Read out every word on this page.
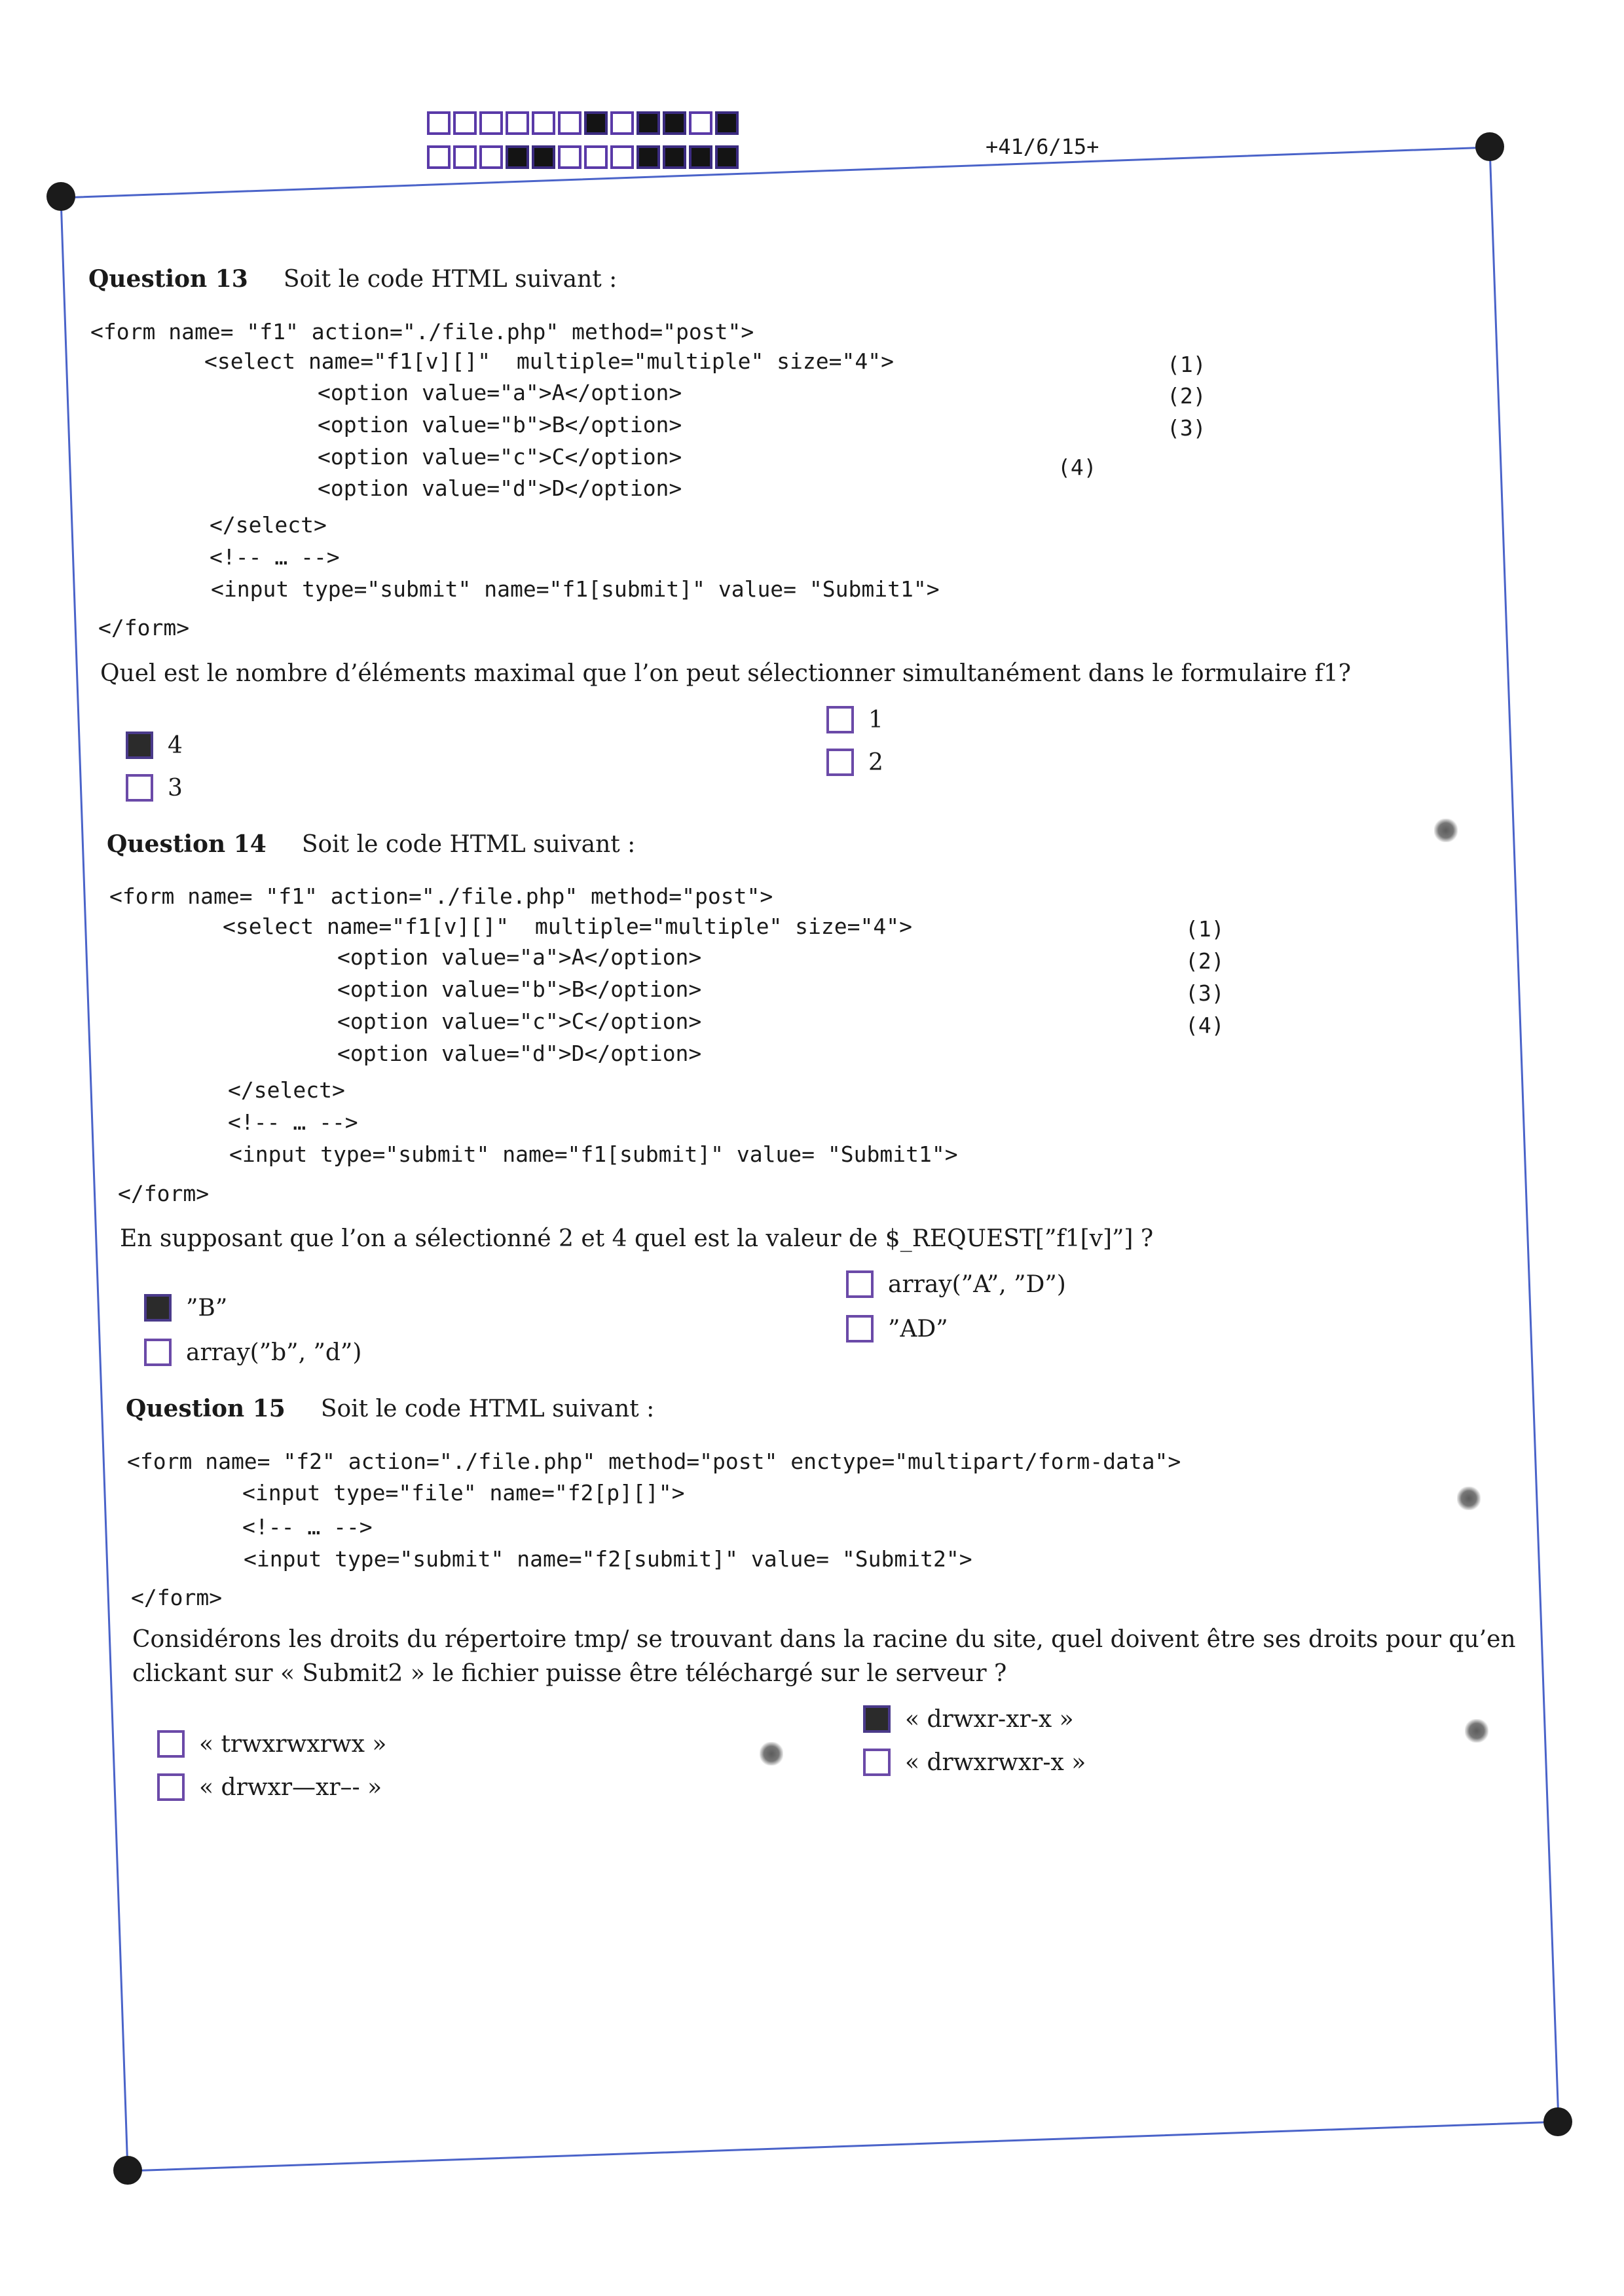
+41/6/15+
Question 13 Soit le code HTML suivant :
<form name= "f1" action="./file.php" method="post">
<select name="f1[v][]"  multiple="multiple" size="4">
<option value="a">A</option>
<option value="b">B</option>
<option value="c">C</option>
<option value="d">D</option>
</select>
<!-- … -->
<input type="submit" name="f1[submit]" value= "Submit1">
</form>
(1)
(2)
(3)
(4)
Quel est le nombre d’éléments maximal que l’on peut sélectionner simultanément dans le formulaire f1?
4
3
1
2
Question 14 Soit le code HTML suivant :
<form name= "f1" action="./file.php" method="post">
<select name="f1[v][]"  multiple="multiple" size="4">
<option value="a">A</option>
<option value="b">B</option>
<option value="c">C</option>
<option value="d">D</option>
</select>
<!-- … -->
<input type="submit" name="f1[submit]" value= "Submit1">
</form>
(1)
(2)
(3)
(4)
En supposant que l’on a sélectionné 2 et 4 quel est la valeur de $_REQUEST[”f1[v]”] ?
”B”
array(”b”, ”d”)
array(”A”, ”D”)
”AD”
Question 15 Soit le code HTML suivant :
<form name= "f2" action="./file.php" method="post" enctype="multipart/form-data">
<input type="file" name="f2[p][]">
<!-- … -->
<input type="submit" name="f2[submit]" value= "Submit2">
</form>
Considérons les droits du répertoire tmp/ se trouvant dans la racine du site, quel doivent être ses droits pour qu’en clickant sur « Submit2 » le fichier puisse être téléchargé sur le serveur ?
« trwxrwxrwx »
« drwxr—xr–- »
« drwxr-xr-x »
« drwxrwxr-x »
